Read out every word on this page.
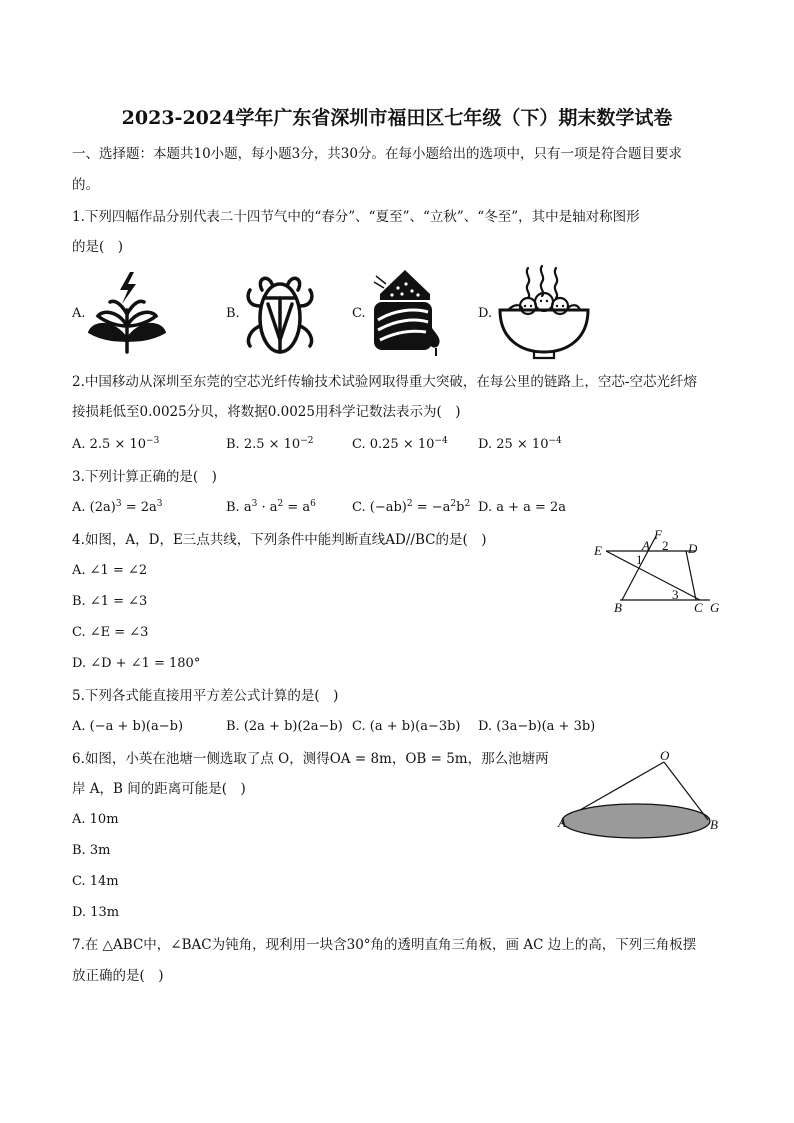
2023-2024学年广东省深圳市福田区七年级（下）期末数学试卷
一、选择题：本题共10小题，每小题3分，共30分。在每小题给出的选项中，只有一项是符合题目要求
的。
1.下列四幅作品分别代表二十四节气中的“春分”、“夏至”、“立秋”、“冬至”，其中是轴对称图形
的是(　)
A.	B.	C.	D.
2.中国移动从深圳至东莞的空芯光纤传输技术试验网取得重大突破，在每公里的链路上，空芯-空芯光纤熔
接损耗低至0.0025分贝，将数据0.0025用科学记数法表示为(　)
A. $2.5 \times 10^{-3}$	B. $2.5 \times 10^{-2}$	C. $0.25 \times 10^{-4}$ D. $25 \times 10^{-4}$
3.下列计算正确的是(　)
A. $(2a)^3 = 2a^3$	B. $a^3 \cdot a^2 = a^6$	C. $(-ab)^2 = -a^2b^2$ D. a + a = 2a
4.如图，A，D，E三点共线，下列条件中能判断直线AD//BC的是(　)
A. ∠1 = ∠2
B. ∠1 = ∠3
C. ∠E = ∠3
D. ∠D + ∠1 = 180°
E	A
F
2 D
1
3
B	C G
5.下列各式能直接用平方差公式计算的是(　)
A. (−a + b)(a−b)	B. (2a + b)(2a−b) C. (a + b)(a−3b) D. (3a−b)(a + 3b)
6.如图，小英在池塘一侧选取了点 O，测得OA = 8m，OB = 5m，那么池塘两
岸 A，B 间的距离可能是(　)
A. 10m
B. 3m
C. 14m
D. 13m
O
A	B
7.在 △ABC中，∠BAC为钝角，现利用一块含30°角的透明直角三角板，画 AC 边上的高，下列三角板摆
放正确的是(　)
